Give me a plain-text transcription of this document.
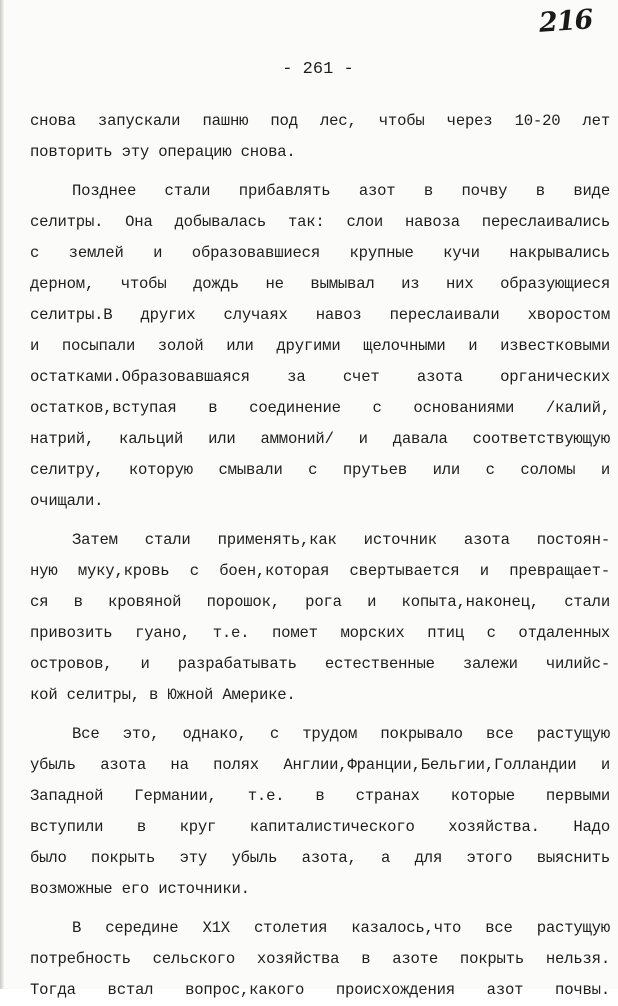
216
- 261 -
снова запускали пашню под лес, чтобы через 10-20 лет
повторить эту операцию снова.
Позднее стали прибавлять азот в почву в виде
селитры. Она добывалась так: слои навоза переслаивались
с землей и образовавшиеся крупные кучи накрывались
дерном, чтобы дождь не вымывал из них образующиеся
селитры.В других случаях навоз переслаивали хворостом
и посыпали золой или другими щелочными и известковыми
остатками.Образовавшаяся за счет азота органических
остатков,вступая в соединение с основаниями /калий,
натрий, кальций или аммоний/ и давала соответствующую
селитру, которую смывали с прутьев или с соломы и
очищали.
Затем стали применять,как источник азота постоян-
ную муку,кровь с боен,которая свертывается и превращает-
ся в кровяной порошок, рога и копыта,наконец, стали
привозить гуано, т.е. помет морских птиц с отдаленных
островов, и разрабатывать естественные залежи чилийс-
кой селитры, в Южной Америке.
Все это, однако, с трудом покрывало все растущую
убыль азота на полях Англии,Франции,Бельгии,Голландии и
Западной Германии, т.е. в странах которые первыми
вступили в круг капиталистического хозяйства. Надо
было покрыть эту убыль азота, а для этого выяснить
возможные его источники.
В середине Х1Х столетия казалось,что все растущую
потребность сельского хозяйства в азоте покрыть нельзя.
Тогда встал вопрос,какого происхождения азот почвы.
